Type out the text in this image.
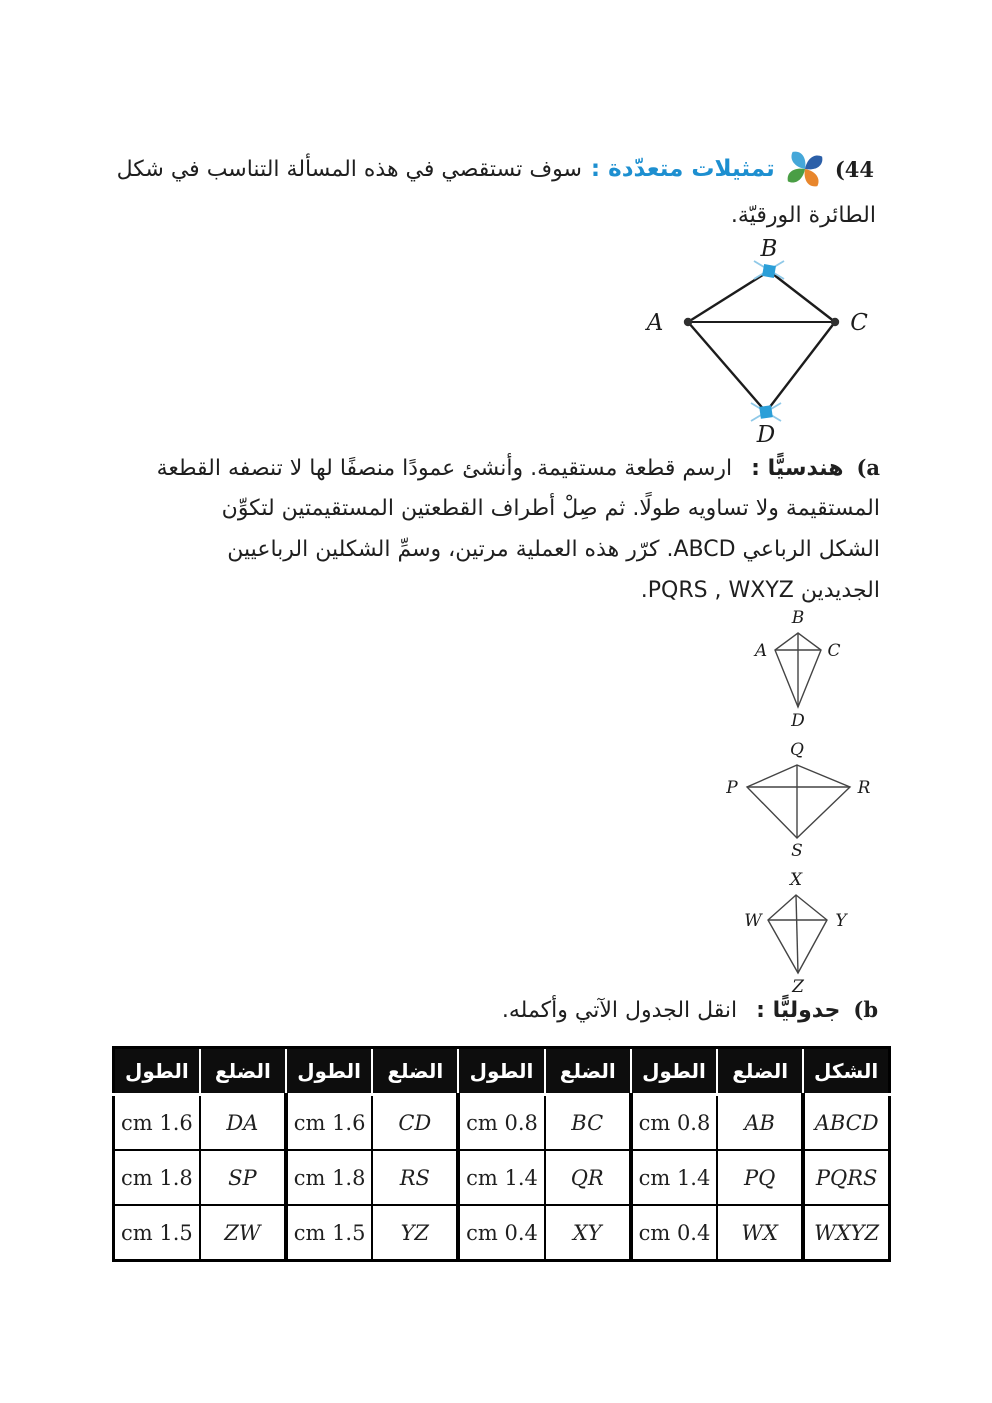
44)
تمثيلات متعدّدة :
سوف تستقصي في هذه المسألة التناسب في شكل
الطائرة الورقيّة.
B
A	C
D
a) هندسيًّا : ارسم قطعة مستقيمة. وأنشئ عمودًا منصفًا لها لا تنصفه القطعة
المستقيمة ولا تساويه طولًا. ثم صِلْ أطراف القطعتين المستقيمتين لتكوِّن
الشكل الرباعي ABCD. كرّر هذه العملية مرتين، وسمِّ الشكلين الرباعيين
الجديدين PQRS , WXYZ.
B
A	C
D
Q
P	R
S
X
W	Y
Z
b) جدوليًّا : انقل الجدول الآتي وأكمله.
الشكل	الضلع	الطول	الضلع	الطول	الضلع	الطول	الضلع	الطول
ABCD	AB	0.8 cm	BC	0.8 cm	CD	1.6 cm	DA	1.6 cm
PQRS	PQ	1.4 cm	QR	1.4 cm	RS	1.8 cm	SP	1.8 cm
WXYZ	WX	0.4 cm	XY	0.4 cm	YZ	1.5 cm	ZW	1.5 cm
